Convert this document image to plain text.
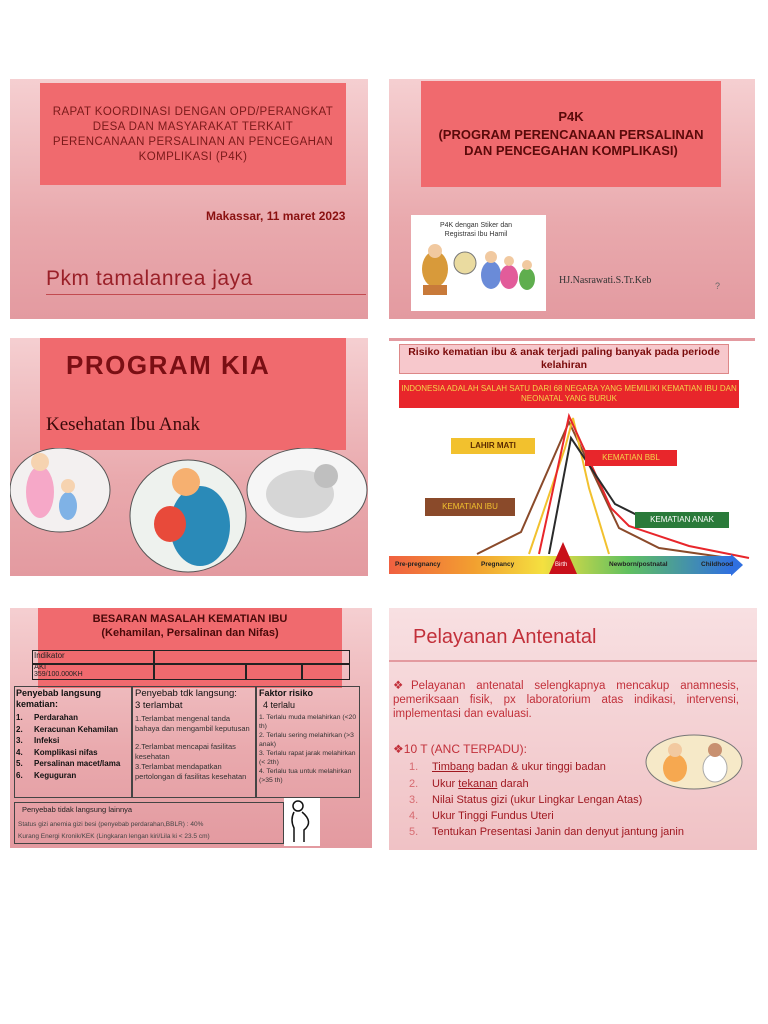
RAPAT KOORDINASI DENGAN OPD/PERANGKAT DESA DAN MASYARAKAT TERKAIT PERENCANAAN PERSALINAN AN PENCEGAHAN KOMPLIKASI (P4K)
Makassar, 11 maret 2023
Pkm tamalanrea jaya
P4K
(PROGRAM PERENCANAAN PERSALINAN DAN PENCEGAHAN KOMPLIKASI)
P4K dengan Stiker dan Registrasi Ibu Hamil
HJ.Nasrawati.S.Tr.Keb	?
PROGRAM KIA
Kesehatan Ibu Anak
Risiko kematian ibu & anak terjadi paling banyak pada periode kelahiran
INDONESIA ADALAH SALAH SATU DARI 68 NEGARA YANG MEMILIKI KEMATIAN IBU DAN NEONATAL YANG BURUK
LAHIR MATI
KEMATIAN BBL
KEMATIAN IBU
KEMATIAN ANAK
Pre-pregnancy	Pregnancy	Birth	Newborn/postnatal	Childhood
BESARAN MASALAH KEMATIAN IBU
(Kehamilan, Persalinan dan Nifas)
Indikator
AKI
359/100.000KH
Penyebab langsung kematian:
1. Perdarahan
2. Keracunan Kehamilan
3. Infeksi
4. Komplikasi nifas
5. Persalinan macet/lama
6. Keguguran
Penyebab tdk langsung:
3 terlambat
1.Terlambat mengenal tanda bahaya dan mengambil keputusan
2.Terlambat mencapai fasilitas kesehatan
3.Terlambat mendapatkan pertolongan di fasilitas kesehatan
Faktor risiko
4 terlalu
1. Terlalu muda melahirkan (<20 th)
2. Terlalu sering melahirkan (>3 anak)
3. Terlalu rapat jarak melahirkan (< 2th)
4. Terlalu tua untuk melahirkan (>35 th)
Penyebab tidak langsung lainnya
Status gizi anemia gizi besi (penyebab perdarahan,BBLR) : 40%
Kurang Energi Kronik/KEK (Lingkaran lengan kiri/Lila ki < 23.5 cm)
Pelayanan Antenatal
❖Pelayanan antenatal selengkapnya mencakup anamnesis, pemeriksaan fisik, px laboratorium atas indikasi, intervensi, implementasi dan evaluasi.
❖10 T (ANC TERPADU):
1. Timbang badan & ukur tinggi badan
2. Ukur tekanan darah
3. Nilai Status gizi (ukur Lingkar Lengan Atas)
4. Ukur Tinggi Fundus Uteri
5. Tentukan Presentasi Janin dan denyut jantung janin
